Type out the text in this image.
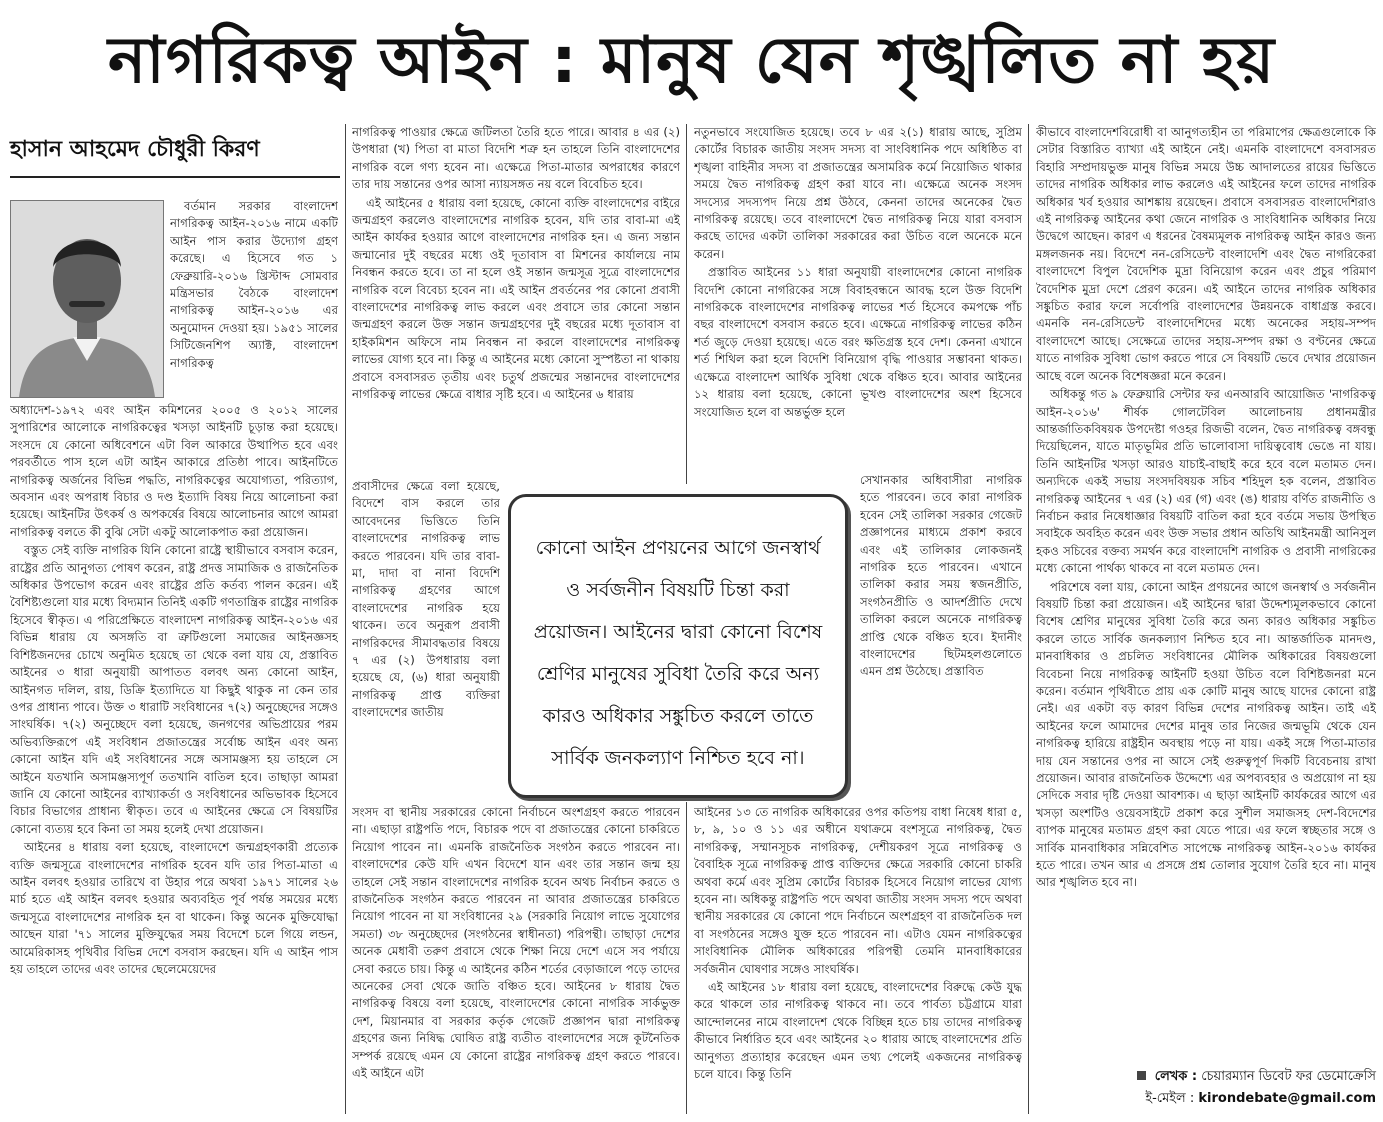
নাগরিকত্ব আইন : মানুষ যেন শৃঙ্খলিত না হয়
হাসান আহমেদ চৌধুরী কিরণ

বর্তমান সরকার বাংলাদেশ নাগরিকত্ব আইন-২০১৬ নামে একটি আইন পাস করার উদ্যোগ গ্রহণ করেছে। এ হিসেবে গত ১ ফেব্রুয়ারি-২০১৬ খ্রিস্টাব্দ সোমবার মন্ত্রিসভার বৈঠকে বাংলাদেশ নাগরিকত্ব আইন-২০১৬ এর অনুমোদন দেওয়া হয়। ১৯৫১ সালের সিটিজেনশিপ অ্যাক্ট, বাংলাদেশ নাগরিকত্ব

অধ্যাদেশ-১৯৭২ এবং আইন কমিশনের ২০০৫ ও ২০১২ সালের সুপারিশের আলোকে নাগরিকত্বের খসড়া আইনটি চূড়ান্ত করা হয়েছে। সংসদে যে কোনো অধিবেশনে এটা বিল আকারে উত্থাপিত হবে এবং পরবর্তীতে পাস হলে এটা আইন আকারে প্রতিষ্ঠা পাবে। আইনটিতে নাগরিকত্ব অর্জনের বিভিন্ন পদ্ধতি, নাগরিকত্বের অযোগ্যতা, পরিত্যাগ, অবসান এবং অপরাধ বিচার ও দণ্ড ইত্যাদি বিষয় নিয়ে আলোচনা করা হয়েছে। আইনটির উৎকর্ষ ও অপকর্ষের বিষয়ে আলোচনার আগে আমরা নাগরিকত্ব বলতে কী বুঝি সেটা একটু আলোকপাত করা প্রয়োজন।

বস্তুত সেই ব্যক্তি নাগরিক যিনি কোনো রাষ্ট্রে স্থায়ীভাবে বসবাস করেন, রাষ্ট্রের প্রতি আনুগত্য পোষণ করেন, রাষ্ট্র প্রদত্ত সামাজিক ও রাজনৈতিক অধিকার উপভোগ করেন এবং রাষ্ট্রের প্রতি কর্তব্য পালন করেন। এই বৈশিষ্ট্যগুলো যার মধ্যে বিদ্যমান তিনিই একটি গণতান্ত্রিক রাষ্ট্রের নাগরিক হিসেবে স্বীকৃত। এ পরিপ্রেক্ষিতে বাংলাদেশ নাগরিকত্ব আইন-২০১৬ এর বিভিন্ন ধারায় যে অসঙ্গতি বা ত্রুটিগুলো সমাজের আইনজ্ঞসহ বিশিষ্টজনদের চোখে অনুমিত হয়েছে তা থেকে বলা যায় যে, প্রস্তাবিত আইনের ৩ ধারা অনুযায়ী আপাতত বলবৎ অন্য কোনো আইন, আইনগত দলিল, রায়, ডিক্রি ইত্যাদিতে যা কিছুই থাকুক না কেন তার ওপর প্রাধান্য পাবে। উক্ত ৩ ধারাটি সংবিধানের ৭(২) অনুচ্ছেদের সঙ্গেও সাংঘর্ষিক। ৭(২) অনুচ্ছেদে বলা হয়েছে, জনগণের অভিপ্রায়ের পরম অভিব্যক্তিরূপে এই সংবিধান প্রজাতন্ত্রের সর্বোচ্চ আইন এবং অন্য কোনো আইন যদি এই সংবিধানের সঙ্গে অসামঞ্জস্য হয় তাহলে সে আইনে যতখানি অসামঞ্জস্যপূর্ণ ততখানি বাতিল হবে। তাছাড়া আমরা জানি যে কোনো আইনের ব্যাখ্যাকর্তা ও সংবিধানের অভিভাবক হিসেবে বিচার বিভাগের প্রাধান্য স্বীকৃত। তবে এ আইনের ক্ষেত্রে সে বিষয়টির কোনো ব্যত্যয় হবে কিনা তা সময় হলেই দেখা প্রয়োজন।

আইনের ৪ ধারায় বলা হয়েছে, বাংলাদেশে জন্মগ্রহণকারী প্রত্যেক ব্যক্তি জন্মসূত্রে বাংলাদেশের নাগরিক হবেন যদি তার পিতা-মাতা এ আইন বলবৎ হওয়ার তারিখে বা উহার পরে অথবা ১৯৭১ সালের ২৬ মার্চ হতে এই আইন বলবৎ হওয়ার অব্যবহিত পূর্ব পর্যন্ত সময়ের মধ্যে জন্মসূত্রে বাংলাদেশের নাগরিক হন বা থাকেন। কিন্তু অনেক মুক্তিযোদ্ধা আছেন যারা '৭১ সালের মুক্তিযুদ্ধের সময় বিদেশে চলে গিয়ে লন্ডন, আমেরিকাসহ পৃথিবীর বিভিন্ন দেশে বসবাস করছেন। যদি এ আইন পাস হয় তাহলে তাদের এবং তাদের ছেলেমেয়েদের

নাগরিকত্ব পাওয়ার ক্ষেত্রে জটিলতা তৈরি হতে পারে। আবার ৪ এর (২) উপধারা (খ) পিতা বা মাতা বিদেশি শত্রু হন তাহলে তিনি বাংলাদেশের নাগরিক বলে গণ্য হবেন না। এক্ষেত্রে পিতা-মাতার অপরাধের কারণে তার দায় সন্তানের ওপর আসা ন্যায়সঙ্গত নয় বলে বিবেচিত হবে।

এই আইনের ৫ ধারায় বলা হয়েছে, কোনো ব্যক্তি বাংলাদেশের বাইরে জন্মগ্রহণ করলেও বাংলাদেশের নাগরিক হবেন, যদি তার বাবা-মা এই আইন কার্যকর হওয়ার আগে বাংলাদেশের নাগরিক হন। এ জন্য সন্তান জন্মানোর দুই বছরের মধ্যে ওই দূতাবাস বা মিশনের কার্যালয়ে নাম নিবন্ধন করতে হবে। তা না হলে ওই সন্তান জন্মসূত্র সূত্রে বাংলাদেশের নাগরিক বলে বিবেচ্য হবেন না। এই আইন প্রবর্তনের পর কোনো প্রবাসী বাংলাদেশের নাগরিকত্ব লাভ করলে এবং প্রবাসে তার কোনো সন্তান জন্মগ্রহণ করলে উক্ত সন্তান জন্মগ্রহণের দুই বছরের মধ্যে দূতাবাস বা হাইকমিশন অফিসে নাম নিবন্ধন না করলে বাংলাদেশের নাগরিকত্ব লাভের যোগ্য হবে না। কিন্তু এ আইনের মধ্যে কোনো সুস্পষ্টতা না থাকায় প্রবাসে বসবাসরত তৃতীয় এবং চতুর্থ প্রজন্মের সন্তানদের বাংলাদেশের নাগরিকত্ব লাভের ক্ষেত্রে বাধার সৃষ্টি হবে। এ আইনের ৬ ধারায়

প্রবাসীদের ক্ষেত্রে বলা হয়েছে, বিদেশে বাস করলে তার আবেদনের ভিত্তিতে তিনি বাংলাদেশের নাগরিকত্ব লাভ করতে পারবেন। যদি তার বাবা-মা, দাদা বা নানা বিদেশি নাগরিকত্ব গ্রহণের আগে বাংলাদেশের নাগরিক হয়ে থাকেন। তবে অনুরূপ প্রবাসী নাগরিকদের সীমাবদ্ধতার বিষয়ে ৭ এর (২) উপধারায় বলা হয়েছে যে, (৬) ধারা অনুযায়ী নাগরিকত্ব প্রাপ্ত ব্যক্তিরা বাংলাদেশের জাতীয়

সংসদ বা স্থানীয় সরকারের কোনো নির্বাচনে অংশগ্রহণ করতে পারবেন না। এছাড়া রাষ্ট্রপতি পদে, বিচারক পদে বা প্রজাতন্ত্রের কোনো চাকরিতে নিয়োগ পাবেন না। এমনকি রাজনৈতিক সংগঠন করতে পারবেন না। বাংলাদেশের কেউ যদি এখন বিদেশে যান এবং তার সন্তান জন্ম হয় তাহলে সেই সন্তান বাংলাদেশের নাগরিক হবেন অথচ নির্বাচন করতে ও রাজনৈতিক সংগঠন করতে পারবেন না আবার প্রজাতন্ত্রের চাকরিতে নিয়োগ পাবেন না যা সংবিধানের ২৯ (সরকারি নিয়োগ লাভে সুযোগের সমতা) ৩৮ অনুচ্ছেদের (সংগঠনের স্বাধীনতা) পরিপন্থী। তাছাড়া দেশের অনেক মেধাবী তরুণ প্রবাসে থেকে শিক্ষা নিয়ে দেশে এসে সব পর্যায়ে সেবা করতে চায়। কিন্তু এ আইনের কঠিন শর্তের বেড়াজালে পড়ে তাদের অনেকের সেবা থেকে জাতি বঞ্চিত হবে। আইনের ৮ ধারায় দ্বৈত নাগরিকত্ব বিষয়ে বলা হয়েছে, বাংলাদেশের কোনো নাগরিক সার্কভুক্ত দেশ, মিয়ানমার বা সরকার কর্তৃক গেজেট প্রজ্ঞাপন দ্বারা নাগরিকত্ব গ্রহণের জন্য নিষিদ্ধ ঘোষিত রাষ্ট্র ব্যতীত বাংলাদেশের সঙ্গে কূটনৈতিক সম্পর্ক রয়েছে এমন যে কোনো রাষ্ট্রের নাগরিকত্ব গ্রহণ করতে পারবে। এই আইনে এটা

নতুনভাবে সংযোজিত হয়েছে। তবে ৮ এর ২(১) ধারায় আছে, সুপ্রিম কোর্টের বিচারক জাতীয় সংসদ সদস্য বা সাংবিধানিক পদে অধিষ্ঠিত বা শৃঙ্খলা বাহিনীর সদস্য বা প্রজাতন্ত্রের অসামরিক কর্মে নিয়োজিত থাকার সময়ে দ্বৈত নাগরিকত্ব গ্রহণ করা যাবে না। এক্ষেত্রে অনেক সংসদ সদস্যের সদস্যপদ নিয়ে প্রশ্ন উঠবে, কেননা তাদের অনেকের দ্বৈত নাগরিকত্ব রয়েছে। তবে বাংলাদেশে দ্বৈত নাগরিকত্ব নিয়ে যারা বসবাস করছে তাদের একটা তালিকা সরকারের করা উচিত বলে অনেকে মনে করেন।

প্রস্তাবিত আইনের ১১ ধারা অনুযায়ী বাংলাদেশের কোনো নাগরিক বিদেশি কোনো নাগরিকের সঙ্গে বিবাহবন্ধনে আবদ্ধ হলে উক্ত বিদেশি নাগরিককে বাংলাদেশের নাগরিকত্ব লাভের শর্ত হিসেবে কমপক্ষে পাঁচ বছর বাংলাদেশে বসবাস করতে হবে। এক্ষেত্রে নাগরিকত্ব লাভের কঠিন শর্ত জুড়ে দেওয়া হয়েছে। এতে বরং ক্ষতিগ্রস্ত হবে দেশ। কেননা এখানে শর্ত শিথিল করা হলে বিদেশি বিনিয়োগ বৃদ্ধি পাওয়ার সম্ভাবনা থাকত। এক্ষেত্রে বাংলাদেশ আর্থিক সুবিধা থেকে বঞ্চিত হবে। আবার আইনের ১২ ধারায় বলা হয়েছে, কোনো ভূখণ্ড বাংলাদেশের অংশ হিসেবে সংযোজিত হলে বা অন্তর্ভুক্ত হলে

সেখানকার অধিবাসীরা নাগরিক হতে পারবেন। তবে কারা নাগরিক হবেন সেই তালিকা সরকার গেজেট প্রজ্ঞাপনের মাধ্যমে প্রকাশ করবে এবং এই তালিকার লোকজনই নাগরিক হতে পারবেন। এখানে তালিকা করার সময় স্বজনপ্রীতি, সংগঠনপ্রীতি ও আদর্শপ্রীতি দেখে তালিকা করলে অনেকে নাগরিকত্ব প্রাপ্তি থেকে বঞ্চিত হবে। ইদানীং বাংলাদেশের ছিটমহলগুলোতে এমন প্রশ্ন উঠেছে। প্রস্তাবিত

আইনের ১৩ তে নাগরিক অধিকারের ওপর কতিপয় বাধা নিষেধ ধারা ৫, ৮, ৯, ১০ ও ১১ এর অধীনে যথাক্রমে বংশসূত্রে নাগরিকত্ব, দ্বৈত নাগরিকত্ব, সম্মানসূচক নাগরিকত্ব, দেশীয়করণ সূত্রে নাগরিকত্ব ও বৈবাহিক সূত্রে নাগরিকত্ব প্রাপ্ত ব্যক্তিদের ক্ষেত্রে সরকারি কোনো চাকরি অথবা কর্মে এবং সুপ্রিম কোর্টের বিচারক হিসেবে নিয়োগ লাভের যোগ্য হবেন না। অধিকন্তু রাষ্ট্রপতি পদে অথবা জাতীয় সংসদ সদস্য পদে অথবা স্থানীয় সরকারের যে কোনো পদে নির্বাচনে অংশগ্রহণ বা রাজনৈতিক দল বা সংগঠনের সঙ্গেও যুক্ত হতে পারবেন না। এটাও যেমন নাগরিকত্বের সাংবিধানিক মৌলিক অধিকারের পরিপন্থী তেমনি মানবাধিকারের সর্বজনীন ঘোষণার সঙ্গেও সাংঘর্ষিক।

এই আইনের ১৮ ধারায় বলা হয়েছে, বাংলাদেশের বিরুদ্ধে কেউ যুদ্ধ করে থাকলে তার নাগরিকত্ব থাকবে না। তবে পার্বত্য চট্টগ্রামে যারা আন্দোলনের নামে বাংলাদেশ থেকে বিচ্ছিন্ন হতে চায় তাদের নাগরিকত্ব কীভাবে নির্ধারিত হবে এবং আইনের ২০ ধারায় আছে বাংলাদেশের প্রতি আনুগত্য প্রত্যাহার করেছেন এমন তথ্য পেলেই একজনের নাগরিকত্ব চলে যাবে। কিন্তু তিনি

কীভাবে বাংলাদেশবিরোধী বা আনুগত্যহীন তা পরিমাপের ক্ষেত্রগুলোকে কি সেটার বিস্তারিত ব্যাখ্যা এই আইনে নেই। এমনকি বাংলাদেশে বসবাসরত বিহারি সম্প্রদায়ভুক্ত মানুষ বিভিন্ন সময়ে উচ্চ আদালতের রায়ের ভিত্তিতে তাদের নাগরিক অধিকার লাভ করলেও এই আইনের ফলে তাদের নাগরিক অধিকার খর্ব হওয়ার আশঙ্কায় রয়েছেন। প্রবাসে বসবাসরত বাংলাদেশিরাও এই নাগরিকত্ব আইনের কথা জেনে নাগরিক ও সাংবিধানিক অধিকার নিয়ে উদ্বেগে আছেন। কারণ এ ধরনের বৈষম্যমূলক নাগরিকত্ব আইন কারও জন্য মঙ্গলজনক নয়। বিদেশে নন-রেসিডেন্ট বাংলাদেশি এবং দ্বৈত নাগরিকেরা বাংলাদেশে বিপুল বৈদেশিক মুদ্রা বিনিয়োগ করেন এবং প্রচুর পরিমাণ বৈদেশিক মুদ্রা দেশে প্রেরণ করেন। এই আইনে তাদের নাগরিক অধিকার সঙ্কুচিত করার ফলে সর্বোপরি বাংলাদেশের উন্নয়নকে বাধাগ্রস্ত করবে। এমনকি নন-রেসিডেন্ট বাংলাদেশিদের মধ্যে অনেকের সহায়-সম্পদ বাংলাদেশে আছে। সেক্ষেত্রে তাদের সহায়-সম্পদ রক্ষা ও বণ্টনের ক্ষেত্রে যাতে নাগরিক সুবিধা ভোগ করতে পারে সে বিষয়টি ভেবে দেখার প্রয়োজন আছে বলে অনেক বিশেষজ্ঞরা মনে করেন।

অধিকন্তু গত ৯ ফেব্রুয়ারি সেন্টার ফর এনআরবি আয়োজিত 'নাগরিকত্ব আইন-২০১৬' শীর্ষক গোলটেবিল আলোচনায় প্রধানমন্ত্রীর আন্তর্জাতিকবিষয়ক উপদেষ্টা গওহর রিজভী বলেন, দ্বৈত নাগরিকত্ব বঙ্গবন্ধু দিয়েছিলেন, যাতে মাতৃভূমির প্রতি ভালোবাসা দায়িত্ববোধ ভেঙে না যায়। তিনি আইনটির খসড়া আরও যাচাই-বাছাই করে হবে বলে মতামত দেন। অন্যদিকে একই সভায় সংসদবিষয়ক সচিব শহিদুল হক বলেন, প্রস্তাবিত নাগরিকত্ব আইনের ৭ এর (২) এর (গ) এবং (ঙ) ধারায় বর্ণিত রাজনীতি ও নির্বাচন করার নিষেধাজ্ঞার বিষয়টি বাতিল করা হবে বর্তমে সভায় উপস্থিত সবাইকে অবহিত করেন এবং উক্ত সভার প্রধান অতিথি আইনমন্ত্রী আনিসুল হকও সচিবের বক্তব্য সমর্থন করে বাংলাদেশি নাগরিক ও প্রবাসী নাগরিকের মধ্যে কোনো পার্থক্য থাকবে না বলে মতামত দেন।

পরিশেষে বলা যায়, কোনো আইন প্রণয়নের আগে জনস্বার্থ ও সর্বজনীন বিষয়টি চিন্তা করা প্রয়োজন। এই আইনের দ্বারা উদ্দেশ্যমূলকভাবে কোনো বিশেষ শ্রেণির মানুষের সুবিধা তৈরি করে অন্য কারও অধিকার সঙ্কুচিত করলে তাতে সার্বিক জনকল্যাণ নিশ্চিত হবে না। আন্তর্জাতিক মানদণ্ড, মানবাধিকার ও প্রচলিত সংবিধানের মৌলিক অধিকারের বিষয়গুলো বিবেচনা নিয়ে নাগরিকত্ব আইনটি হওয়া উচিত বলে বিশিষ্টজনরা মনে করেন। বর্তমান পৃথিবীতে প্রায় এক কোটি মানুষ আছে যাদের কোনো রাষ্ট্র নেই। এর একটা বড় কারণ বিভিন্ন দেশের নাগরিকত্ব আইন। তাই এই আইনের ফলে আমাদের দেশের মানুষ তার নিজের জন্মভূমি থেকে যেন নাগরিকত্ব হারিয়ে রাষ্ট্রহীন অবস্থায় পড়ে না যায়। একই সঙ্গে পিতা-মাতার দায় যেন সন্তানের ওপর না আসে সেই গুরুত্বপূর্ণ দিকটি বিবেচনায় রাখা প্রয়োজন। আবার রাজনৈতিক উদ্দেশ্যে এর অপব্যবহার ও অপ্রয়োগ না হয় সেদিকে সবার দৃষ্টি দেওয়া আবশ্যক। এ ছাড়া আইনটি কার্যকরের আগে এর খসড়া অংশটিও ওয়েবসাইটে প্রকাশ করে সুশীল সমাজসহ দেশ-বিদেশের ব্যাপক মানুষের মতামত গ্রহণ করা যেতে পারে। এর ফলে স্বচ্ছতার সঙ্গে ও সার্বিক মানবাধিকার সন্নিবেশিত সাপেক্ষে নাগরিকত্ব আইন-২০১৬ কার্যকর হতে পারে। তখন আর এ প্রসঙ্গে প্রশ্ন তোলার সুযোগ তৈরি হবে না। মানুষ আর শৃঙ্খলিত হবে না।

কোনো আইন প্রণয়নের আগে জনস্বার্থ ও সর্বজনীন বিষয়টি চিন্তা করা প্রয়োজন। আইনের দ্বারা কোনো বিশেষ শ্রেণির মানুষের সুবিধা তৈরি করে অন্য কারও অধিকার সঙ্কুচিত করলে তাতে সার্বিক জনকল্যাণ নিশ্চিত হবে না।
লেখক : চেয়ারম্যান ডিবেট ফর ডেমোক্রেসি
ই-মেইল : kirondebate@gmail.com
